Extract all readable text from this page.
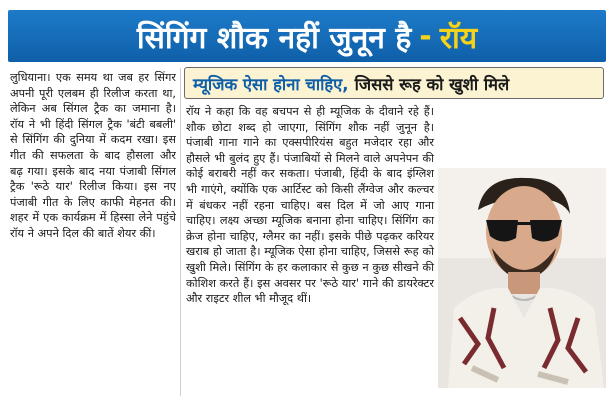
सिंगिंग शौक नहीं जुनून है - रॉय
लुधियाना। एक समय था जब हर सिंगर अपनी पूरी एलबम ही रिलीज करता था, लेकिन अब सिंगल ट्रैक का जमाना है। रॉय ने भी हिंदी सिंगल ट्रैक 'बंटी बबली' से सिंगिंग की दुनिया में कदम रखा। इस गीत की सफलता के बाद हौसला और बढ़ गया। इसके बाद नया पंजाबी सिंगल ट्रैक 'रूठे यार' रिलीज किया। इस नए पंजाबी गीत के लिए काफी मेहनत की। शहर में एक कार्यक्रम में हिस्सा लेने पहुंचे रॉय ने अपने दिल की बातें शेयर कीं।
म्यूजिक ऐसा होना चाहिए, जिससे रूह को खुशी मिले
रॉय ने कहा कि वह बचपन से ही म्यूजिक के दीवाने रहे हैं। शौक छोटा शब्द हो जाएगा, सिंगिंग शौक नहीं जुनून है। पंजाबी गाना गाने का एक्सपीरियंस बहुत मजेदार रहा और हौसले भी बुलंद हुए हैं। पंजाबियों से मिलने वाले अपनेपन की कोई बराबरी नहीं कर सकता। पंजाबी, हिंदी के बाद इंग्लिश भी गाएंगे, क्योंकि एक आर्टिस्ट को किसी लैंग्वेज और कल्चर में बंधकर नहीं रहना चाहिए। बस दिल में जो आए गाना चाहिए। लक्ष्य अच्छा म्यूजिक बनाना होना चाहिए। सिंगिंग का क्रेज होना चाहिए, ग्लैमर का नहीं। इसके पीछे पढ़कर करियर खराब हो जाता है। म्यूजिक ऐसा होना चाहिए, जिससे रूह को खुशी मिले। सिंगिंग के हर कलाकार से कुछ न कुछ सीखने की कोशिश करते हैं। इस अवसर पर 'रूठे यार' गाने की डायरेक्टर और राइटर शील भी मौजूद थीं।
